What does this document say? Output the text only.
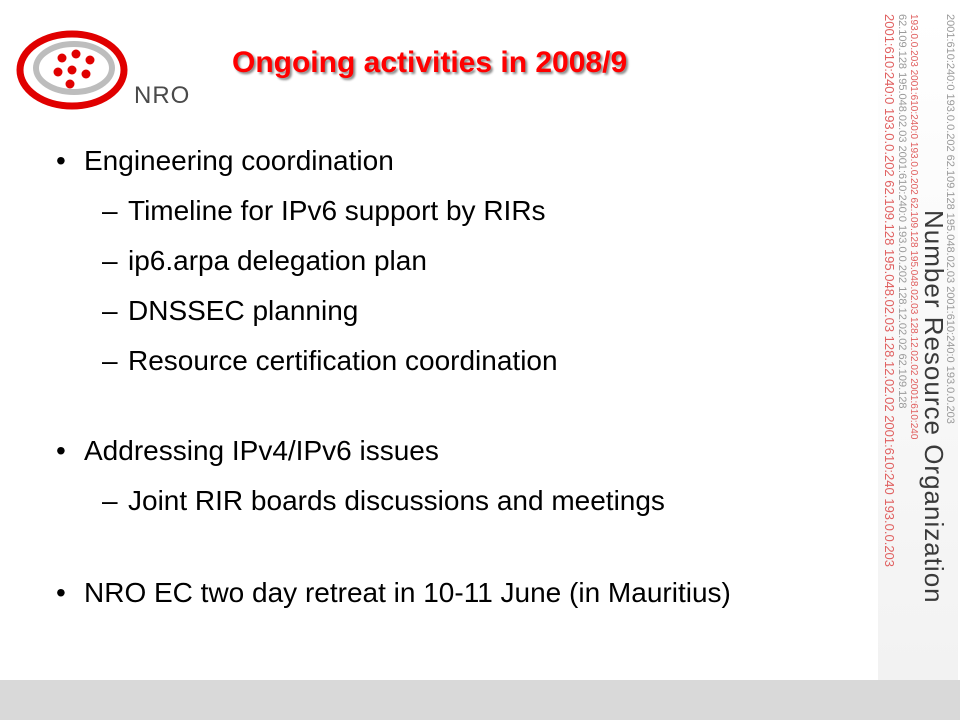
NRO
Ongoing activities in 2008/9
• Engineering coordination
– Timeline for IPv6 support by RIRs
– ip6.arpa delegation plan
– DNSSEC planning
– Resource certification coordination
• Addressing IPv4/IPv6 issues
– Joint RIR boards discussions and meetings
• NRO EC two day retreat in 10-11 June (in Mauritius)
2001:610:240:0 193.0.0.202 62.109.128 195.048.02.03 128.12.02.02 2001:610:240 193.0.0.203 62.109.128 195.048.02.03 2001:610:240:0 193.0.0.202 128.12.02.02 62.109.128 193.0.0.203 2001:610:240:0 193.0.0.202 62.109.128 195.048.02.03 128.12.02.02 2001:610:240 2001:610:240:0 193.0.0.202 62.109.128 195.048.02.03 2001:610:240:0 193.0.0.203
Number Resource Organization
